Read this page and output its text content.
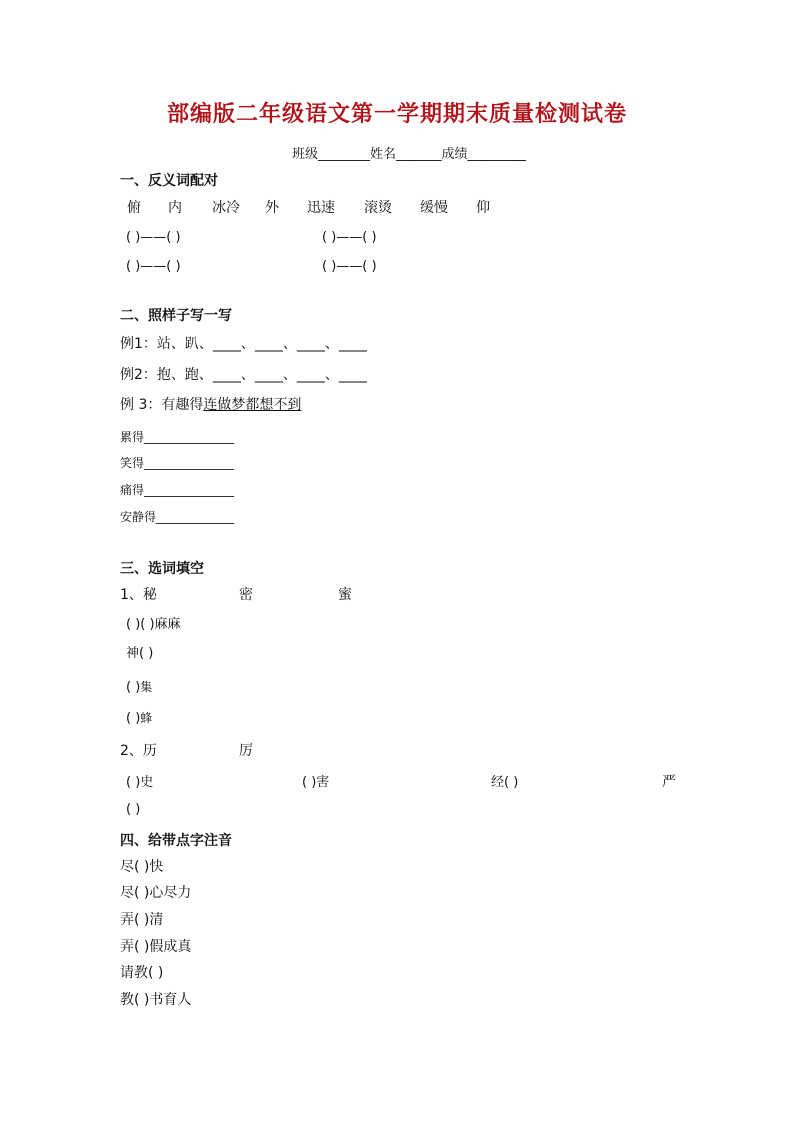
部编版二年级语文第一学期期末质量检测试卷
班级________姓名_______成绩_________
一、反义词配对
俯 内 冰冷 外 迅速 滚烫 缓慢 仰
( )——( )	( )——( )
( )——( )	( )——( )
二、照样子写一写
例1：站、趴、____、____、____、____
例2：抱、跑、____、____、____、____
例 3：有趣得连做梦都想不到
累得_______________
笑得_______________
痛得_______________
安静得_____________
三、选词填空
1、秘	密	蜜
( )( )麻麻
神( )
( )集
( )蜂
2、历	厉
( )史	( )害	经( )	严
( )
四、给带点字注音
尽( )快
尽( )心尽力
弄( )清
弄( )假成真
请教( )
教( )书育人
